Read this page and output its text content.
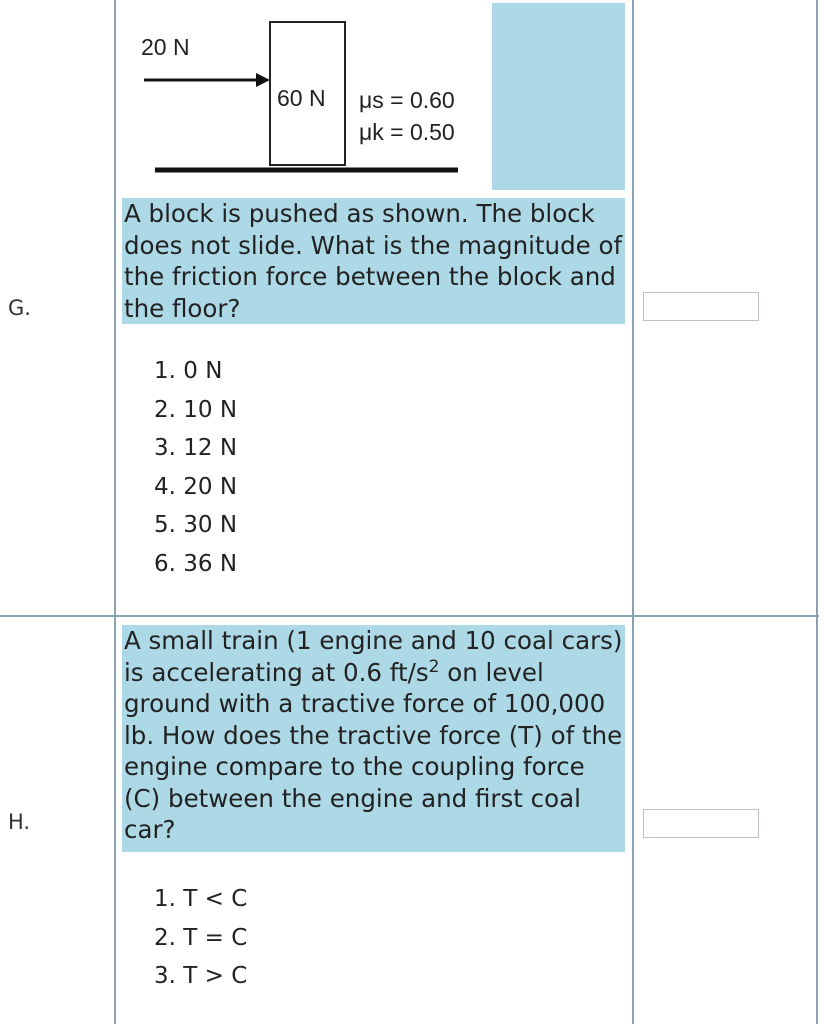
G.
20 N
60 N μs = 0.60
μk = 0.50
A block is pushed as shown. The block does not slide. What is the magnitude of the friction force between the block and the floor?
1. 0 N
2. 10 N
3. 12 N
4. 20 N
5. 30 N
6. 36 N
H.
A small train (1 engine and 10 coal cars) is accelerating at 0.6 $ft/s^2$ on level ground with a tractive force of 100,000 lb. How does the tractive force (T) of the engine compare to the coupling force (C) between the engine and first coal car?
1. T < C
2. T = C
3. T > C
